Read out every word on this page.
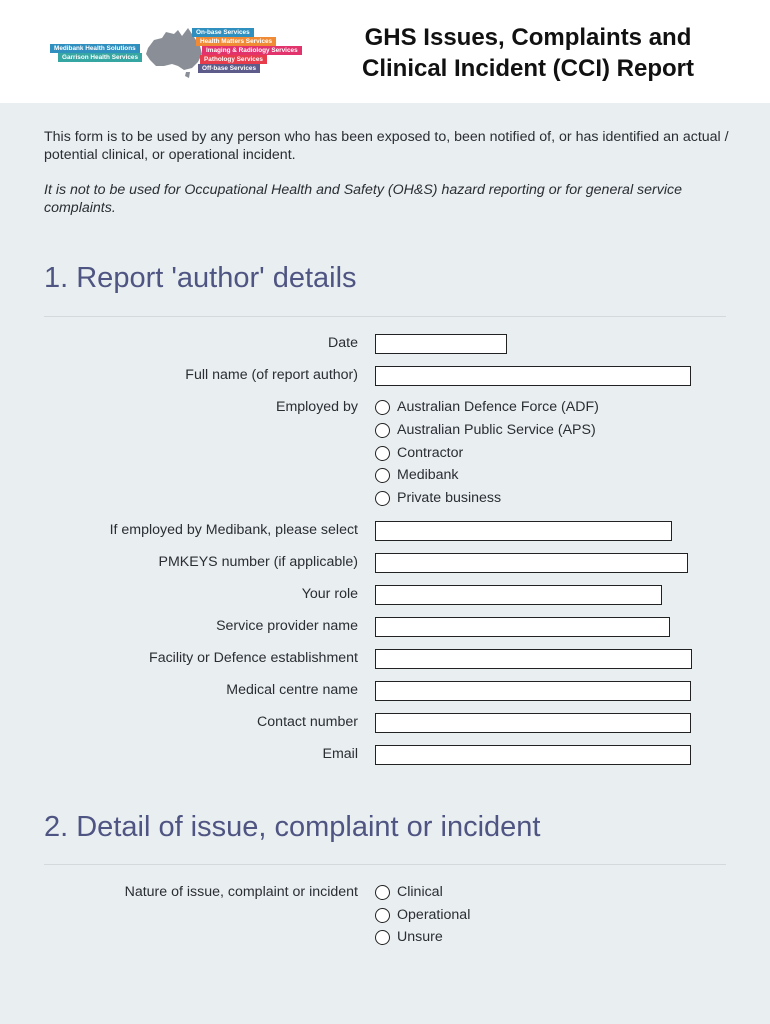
Medibank Health Solutions
Garrison Health Services
On-base Services
Health Matters Services
Imaging & Radiology Services
Pathology Services
Off-base Services
GHS Issues, Complaints and
Clinical Incident (CCI) Report
This form is to be used by any person who has been exposed to, been notified of, or has identified an actual / potential clinical, or operational incident.
It is not to be used for Occupational Health and Safety (OH&S) hazard reporting or for general service complaints.
1. Report 'author' details
Date
Full name (of report author)
Employed by	Australian Defence Force (ADF)
Australian Public Service (APS)
Contractor
Medibank
Private business
If employed by Medibank, please select
PMKEYS number (if applicable)
Your role
Service provider name
Facility or Defence establishment
Medical centre name
Contact number
Email
2. Detail of issue, complaint or incident
Nature of issue, complaint or incident	Clinical
Operational
Unsure
